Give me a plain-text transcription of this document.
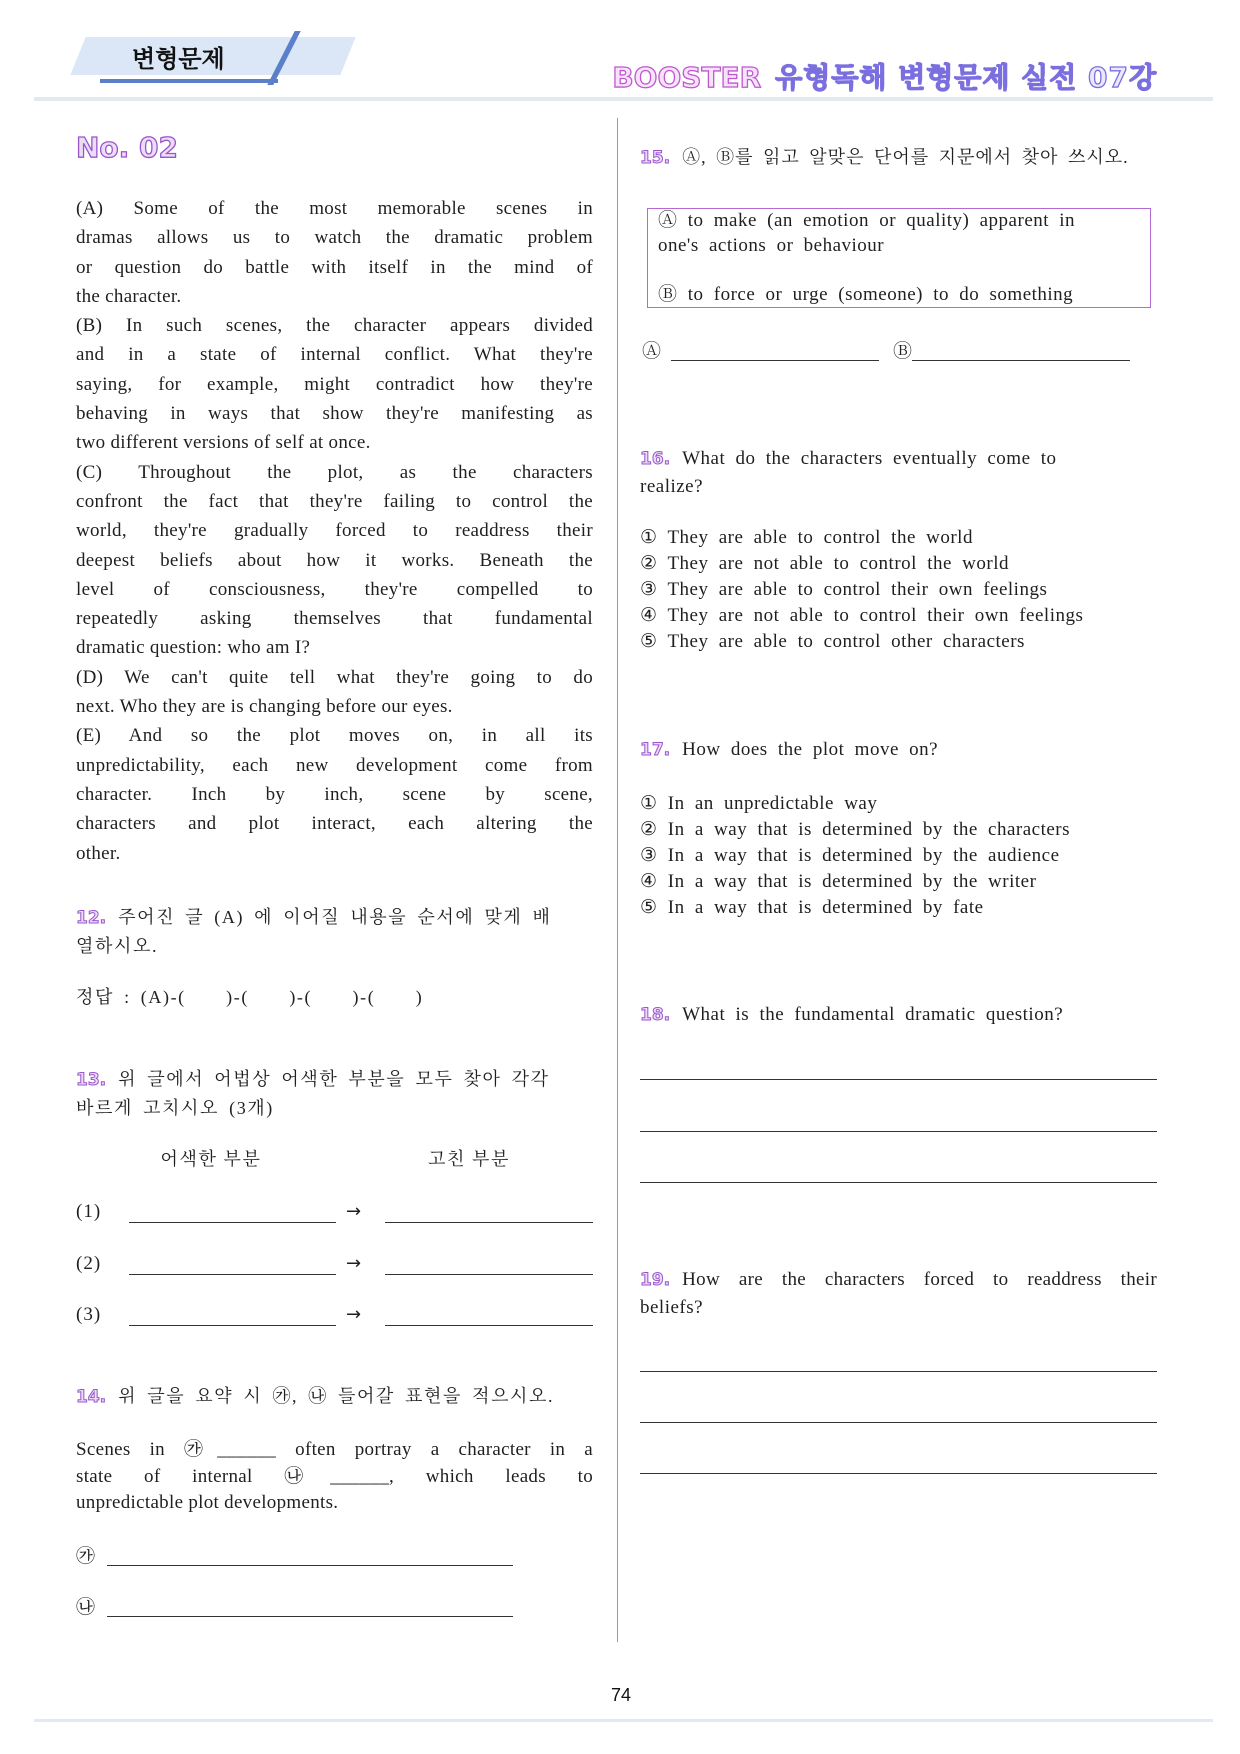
변형문제
BOOSTER 유형독해 변형문제 실전 07강
No. 02
(A) Some of the most memorable scenes in
dramas allows us to watch the dramatic problem
or question do battle with itself in the mind of
the character.
(B) In such scenes, the character appears divided
and in a state of internal conflict. What they're
saying, for example, might contradict how they're
behaving in ways that show they're manifesting as
two different versions of self at once.
(C) Throughout the plot, as the characters
confront the fact that they're failing to control the
world, they're gradually forced to readdress their
deepest beliefs about how it works. Beneath the
level of consciousness, they're compelled to
repeatedly asking themselves that fundamental
dramatic question: who am I?
(D) We can't quite tell what they're going to do
next. Who they are is changing before our eyes.
(E) And so the plot moves on, in all its
unpredictability, each new development come from
character. Inch by inch, scene by scene,
characters and plot interact, each altering the
other.
12. 주어진 글 (A) 에 이어질 내용을 순서에 맞게 배
열하시오.
정답 : (A)-(    )-(    )-(    )-(    )
13. 위 글에서 어법상 어색한 부분을 모두 찾아 각각
바르게 고치시오 (3개)
어색한 부분	고친 부분
(1)	→
(2)	→
(3)	→
14. 위 글을 요약 시 ㉮, ㉯ 들어갈 표현을 적으시오.
Scenes in ㉮______ often portray a character in a
state of internal ㉯______, which leads to
unpredictable plot developments.
㉮
㉯
15. Ⓐ, Ⓑ를 읽고 알맞은 단어를 지문에서 찾아 쓰시오.
Ⓐ to make (an emotion or quality) apparent in
one's actions or behaviour

Ⓑ to force or urge (someone) to do something
Ⓐ	Ⓑ
16. What do the characters eventually come to
realize?
① They are able to control the world
② They are not able to control the world
③ They are able to control their own feelings
④ They are not able to control their own feelings
⑤ They are able to control other characters
17. How does the plot move on?
① In an unpredictable way
② In a way that is determined by the characters
③ In a way that is determined by the audience
④ In a way that is determined by the writer
⑤ In a way that is determined by fate
18. What is the fundamental dramatic question?
19. How are the characters forced to readdress their
beliefs?
74
